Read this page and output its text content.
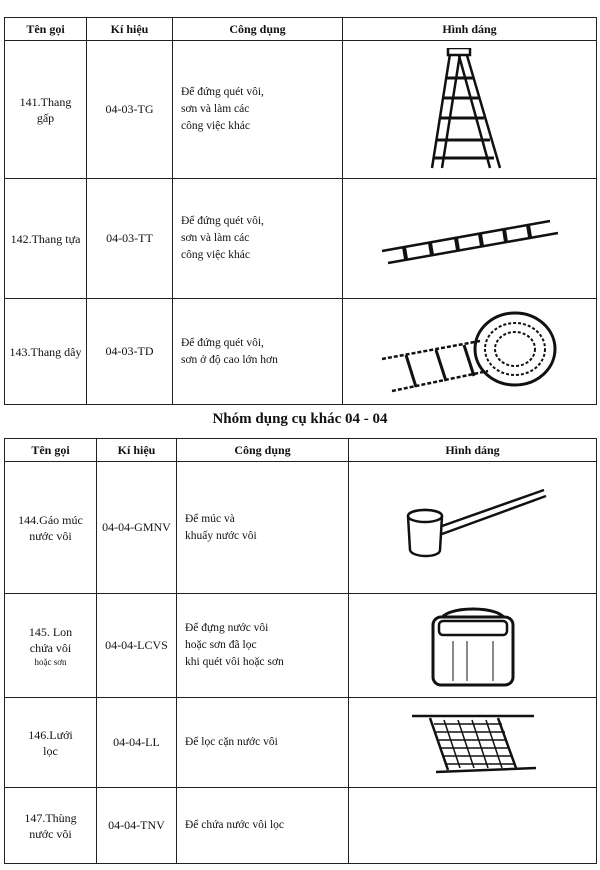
Tên gọi	Kí hiệu	Công dụng	Hình dáng
141.Thang
gấp	04-03-TG	Để đứng quét vôi,
sơn và làm các
công việc khác	

142.Thang tựa	04-03-TT	Để đứng quét vôi,
sơn và làm các
công việc khác	

143.Thang dây	04-03-TD	Để đứng quét vôi,
sơn ở độ cao lớn hơn	
Nhóm dụng cụ khác 04 - 04
Tên gọi	Kí hiệu	Công dụng	Hình dáng
144.Gáo múc
nước vôi	04-04-GMNV	Để múc và
khuấy nước vôi	

145. Lon
chứa vôi
hoặc sơn	04-04-LCVS	Để đựng nước vôi
hoặc sơn đã lọc
khi quét vôi hoặc sơn	

146.Lưới
lọc	04-04-LL	Để lọc cặn nước vôi	

147.Thùng
nước vôi	04-04-TNV	Để chứa nước vôi lọc	
